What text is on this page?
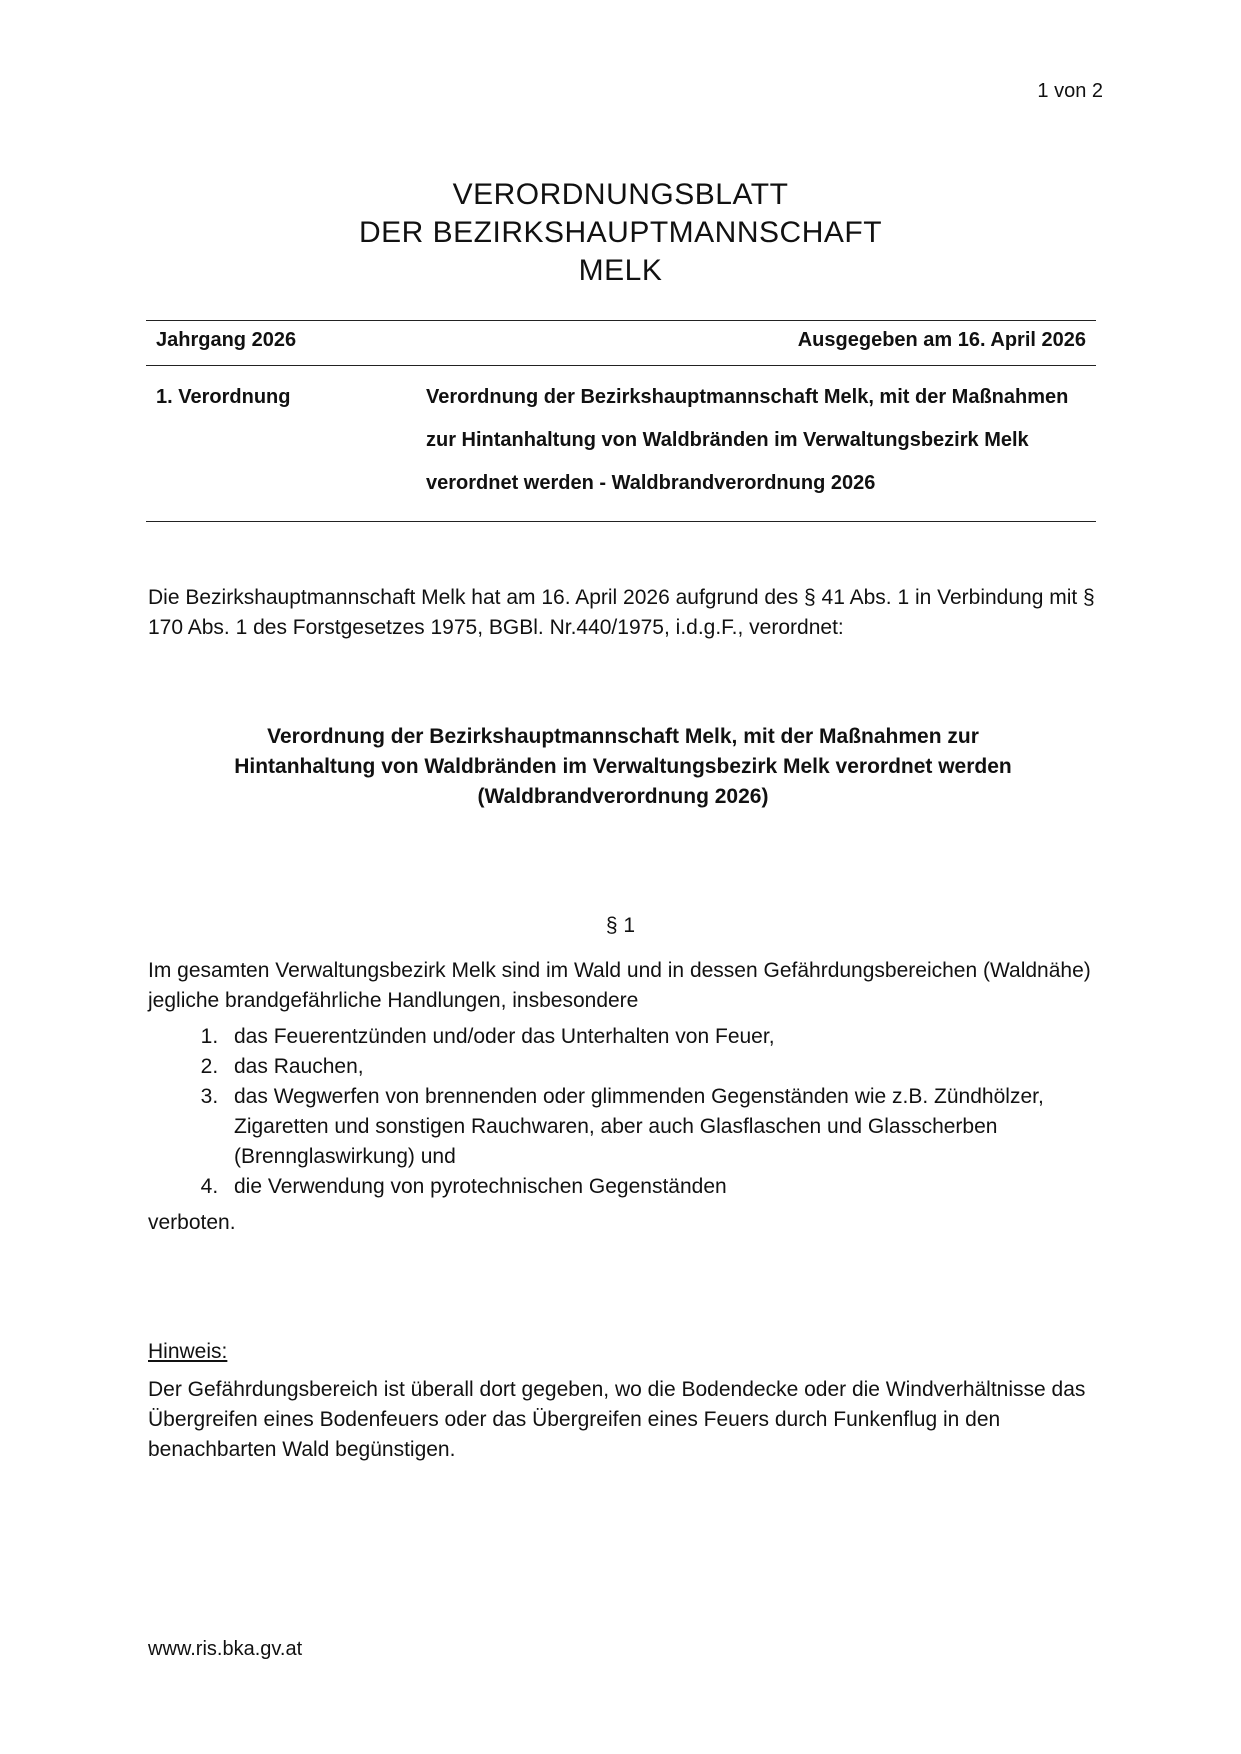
1 von 2
VERORDNUNGSBLATT
DER BEZIRKSHAUPTMANNSCHAFT
MELK
Jahrgang 2026	Ausgegeben am 16. April 2026
1. Verordnung	Verordnung der Bezirkshauptmannschaft Melk, mit der Maßnahmen zur Hintanhaltung von Waldbränden im Verwaltungsbezirk Melk verordnet werden - Waldbrandverordnung 2026
Die Bezirkshauptmannschaft Melk hat am 16. April 2026 aufgrund des § 41 Abs. 1 in Verbindung mit § 170 Abs. 1 des Forstgesetzes 1975, BGBl. Nr.440/1975, i.d.g.F., verordnet:
Verordnung der Bezirkshauptmannschaft Melk, mit der Maßnahmen zur
Hintanhaltung von Waldbränden im Verwaltungsbezirk Melk verordnet werden
(Waldbrandverordnung 2026)
§ 1

Im gesamten Verwaltungsbezirk Melk sind im Wald und in dessen Gefährdungsbereichen (Waldnähe) jegliche brandgefährliche Handlungen, insbesondere

1. das Feuerentzünden und/oder das Unterhalten von Feuer,
2. das Rauchen,
3. das Wegwerfen von brennenden oder glimmenden Gegenständen wie z.B. Zündhölzer, Zigaretten und sonstigen Rauchwaren, aber auch Glasflaschen und Glasscherben (Brennglaswirkung) und
4. die Verwendung von pyrotechnischen Gegenständen

verboten.

Hinweis:
Der Gefährdungsbereich ist überall dort gegeben, wo die Bodendecke oder die Windverhältnisse das Übergreifen eines Bodenfeuers oder das Übergreifen eines Feuers durch Funkenflug in den benachbarten Wald begünstigen.
www.ris.bka.gv.at
